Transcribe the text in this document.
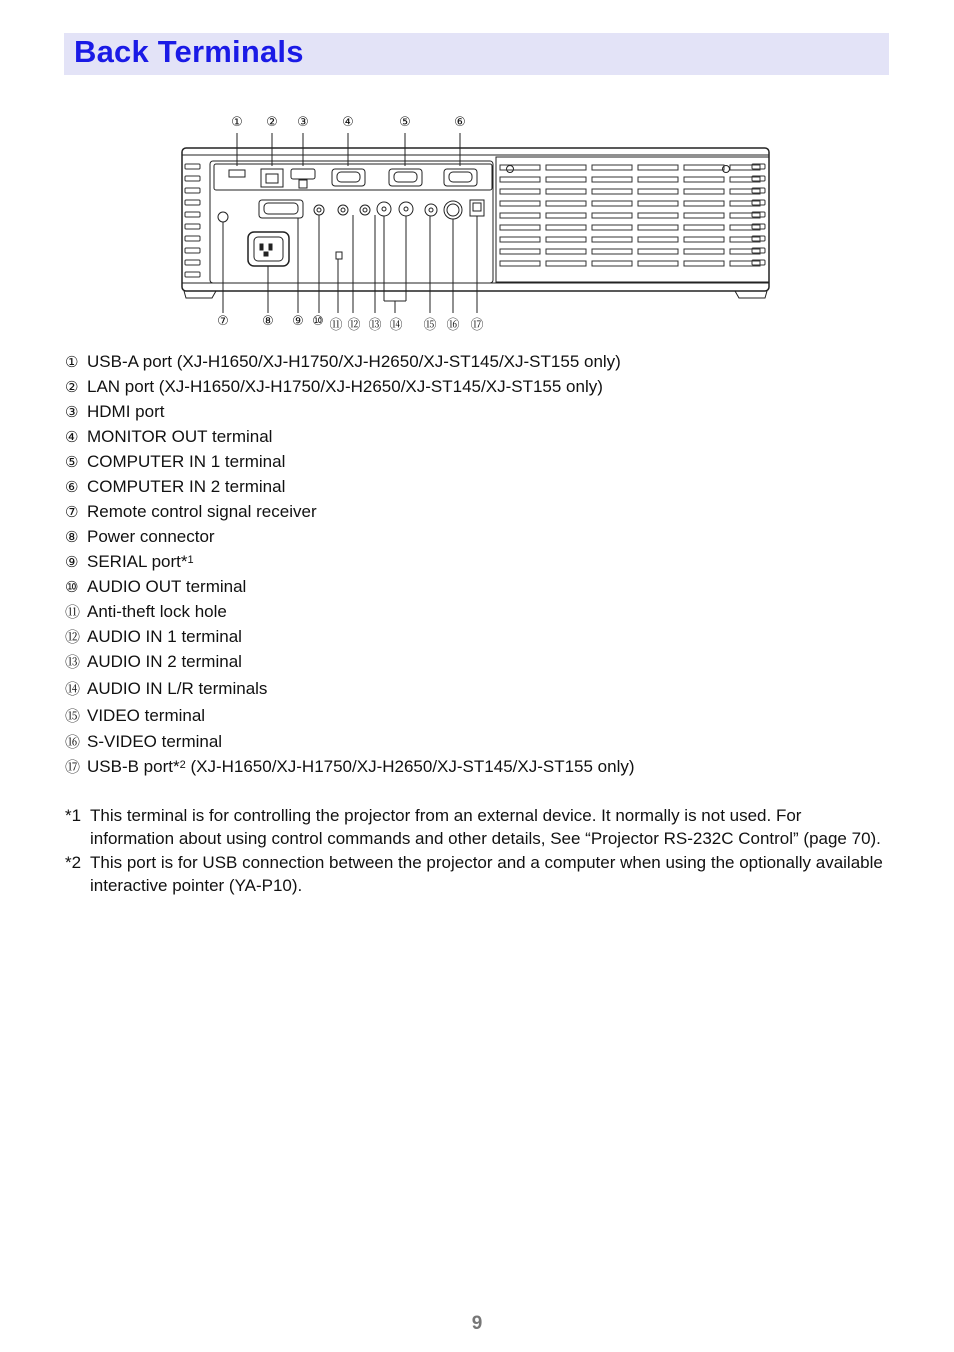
Back Terminals
① ② ③	④	⑤	⑥
⑦	⑧ ⑨ ⑩ ⑪ ⑫ ⑬ ⑭ ⑮ ⑯ ⑰
① USB-A port (XJ-H1650/XJ-H1750/XJ-H2650/XJ-ST145/XJ-ST155 only)
② LAN port (XJ-H1650/XJ-H1750/XJ-H2650/XJ-ST145/XJ-ST155 only)
③ HDMI port
④ MONITOR OUT terminal
⑤ COMPUTER IN 1 terminal
⑥ COMPUTER IN 2 terminal
⑦ Remote control signal receiver
⑧ Power connector
⑨ SERIAL port*$^1$
⑩ AUDIO OUT terminal
⑪ Anti-theft lock hole
⑫ AUDIO IN 1 terminal
⑬ AUDIO IN 2 terminal
⑭ AUDIO IN L/R terminals
⑮ VIDEO terminal
⑯ S-VIDEO terminal
⑰ USB-B port*$^2$ (XJ-H1650/XJ-H1750/XJ-H2650/XJ-ST145/XJ-ST155 only)
*1 This terminal is for controlling the projector from an external device. It normally is not used. For information about using control commands and other details, See “Projector RS-232C Control” (page 70).
*2 This port is for USB connection between the projector and a computer when using the optionally available interactive pointer (YA-P10).
9
